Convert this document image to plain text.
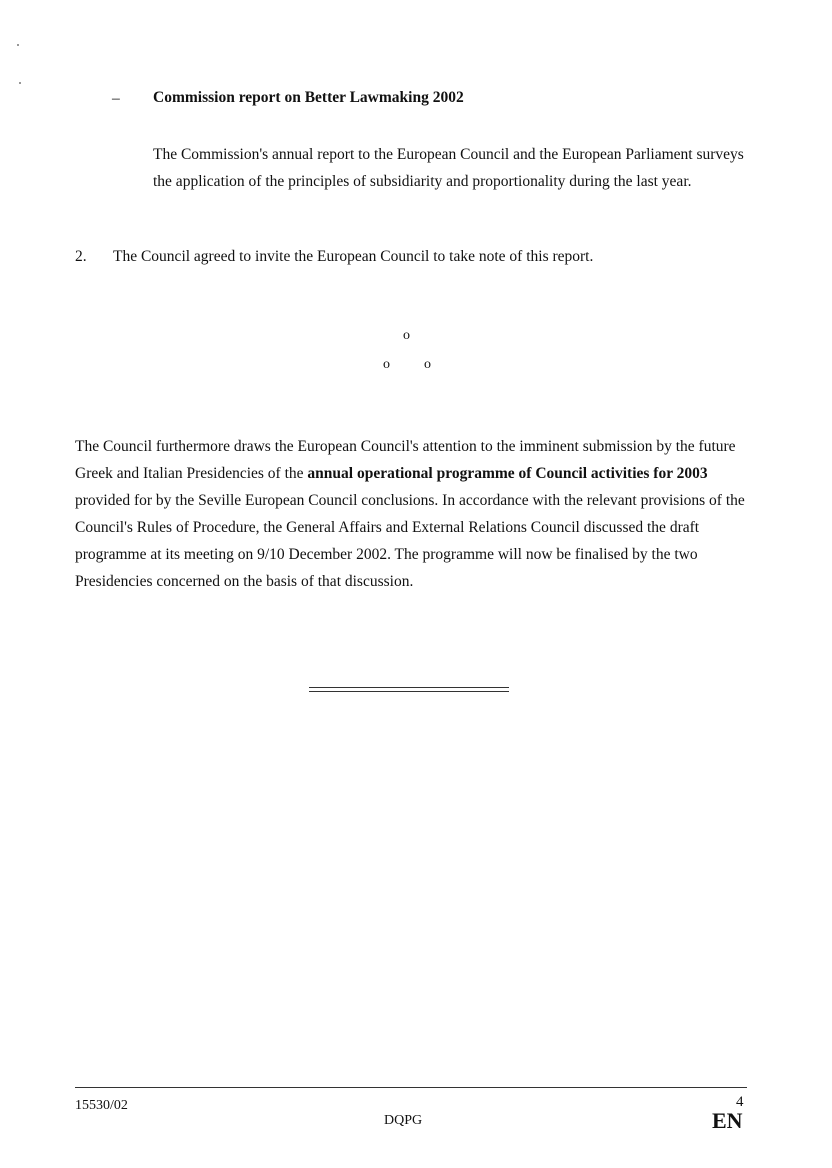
– Commission report on Better Lawmaking 2002
The Commission's annual report to the European Council and the European Parliament surveys the application of the principles of subsidiarity and proportionality during the last year.
2. The Council agreed to invite the European Council to take note of this report.
o
o o
The Council furthermore draws the European Council's attention to the imminent submission by the future Greek and Italian Presidencies of the annual operational programme of Council activities for 2003 provided for by the Seville European Council conclusions. In accordance with the relevant provisions of the Council's Rules of Procedure, the General Affairs and External Relations Council discussed the draft programme at its meeting on 9/10 December 2002. The programme will now be finalised by the two Presidencies concerned on the basis of that discussion.
15530/02	4
DQPG	EN
